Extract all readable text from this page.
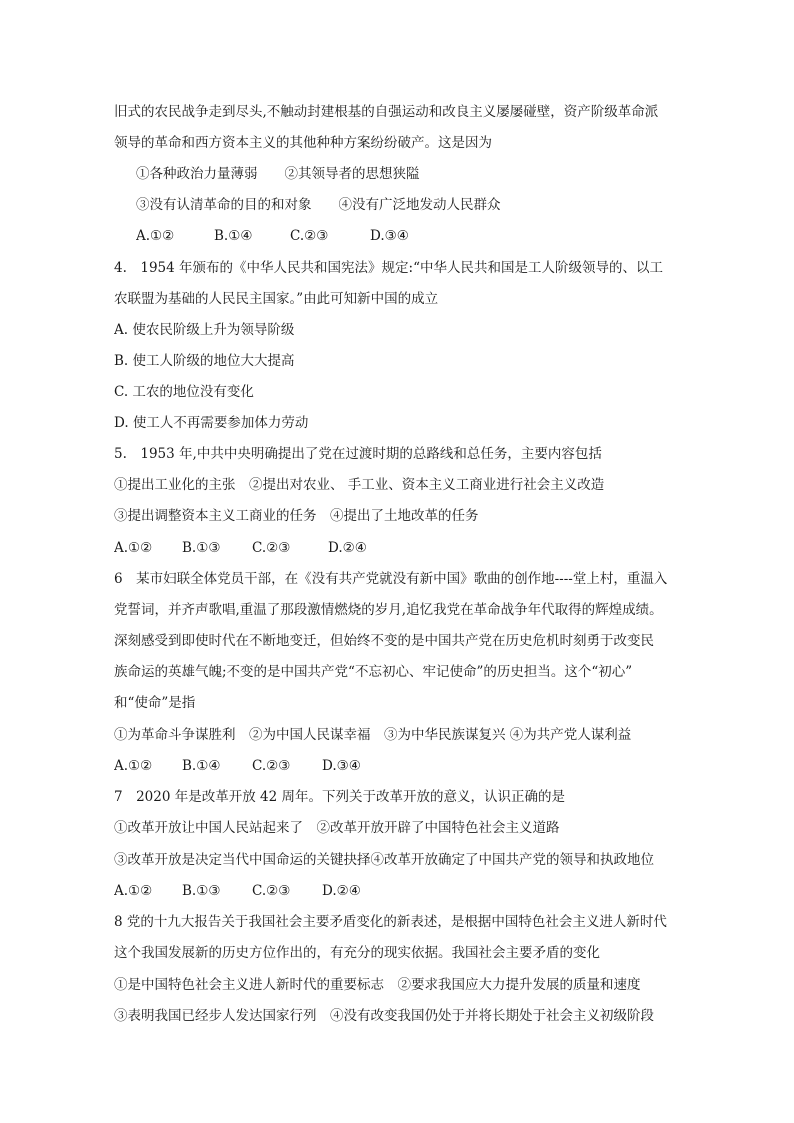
旧式的农民战争走到尽头,不触动封建根基的自强运动和改良主义屡屡碰壁，资产阶级革命派
领导的革命和西方资本主义的其他种种方案纷纷破产。这是因为
①各种政治力量薄弱　　②其领导者的思想狭隘
③没有认清革命的目的和对象　　④没有广泛地发动人民群众
A.①②	B.①④	C.②③	D.③④
4.　1954 年颁布的《中华人民共和国宪法》规定:“中华人民共和国是工人阶级领导的、以工
农联盟为基础的人民民主国家。”由此可知新中国的成立
A. 使农民阶级上升为领导阶级
B. 使工人阶级的地位大大提高
C. 工农的地位没有变化
D. 使工人不再需要参加体力劳动
5.　1953 年,中共中央明确提出了党在过渡时期的总路线和总任务，主要内容包括
①提出工业化的主张　②提出对农业、 手工业、资本主义工商业进行社会主义改造
③提出调整资本主义工商业的任务　④提出了土地改革的任务
A.①②	B.①③	C.②③	D.②④
6　某市妇联全体党员干部，在《没有共产党就没有新中国》歌曲的创作地----堂上村，重温入
党誓词，并齐声歌唱,重温了那段激情燃烧的岁月,追忆我党在革命战争年代取得的辉煌成绩。
深刻感受到即使时代在不断地变迁，但始终不变的是中国共产党在历史危机时刻勇于改变民
族命运的英雄气魄;不变的是中国共产党“不忘初心、牢记使命”的历史担当。这个“初心”
和“使命”是指
①为革命斗争谋胜利　②为中国人民谋幸福　③为中华民族谋复兴 ④为共产党人谋利益
A.①②	B.①④	C.②③	D.③④
7　2020 年是改革开放 42 周年。下列关于改革开放的意义，认识正确的是
①改革开放让中国人民站起来了　②改革开放开辟了中国特色社会主义道路
③改革开放是决定当代中国命运的关键抉择④改革开放确定了中国共产党的领导和执政地位
A.①②	B.①③	C.②③	D.②④
8 党的十九大报告关于我国社会主要矛盾变化的新表述，是根据中国特色社会主义进人新时代
这个我国发展新的历史方位作出的，有充分的现实依据。我国社会主要矛盾的变化
①是中国特色社会主义进人新时代的重要标志　②要求我国应大力提升发展的质量和速度
③表明我国已经步人发达国家行列　④没有改变我国仍处于并将长期处于社会主义初级阶段
